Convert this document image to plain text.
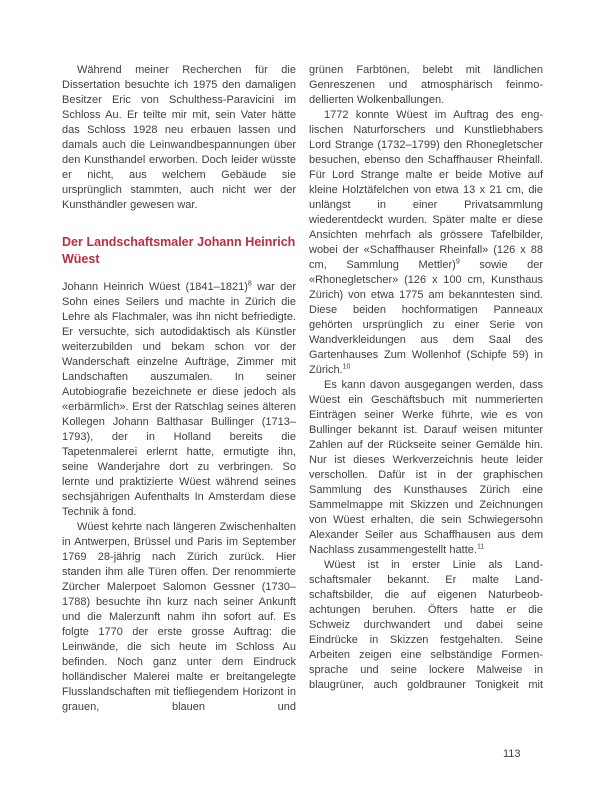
Während meiner Recherchen für die Dissertation besuchte ich 1975 den damaligen Besitzer Eric von Schulthess-Paravicini im Schloss Au. Er teilte mir mit, sein Vater hätte das Schloss 1928 neu erbauen lassen und damals auch die Leinwandbespannungen über den Kunsthandel erworben. Doch leider wüsste er nicht, aus welchem Gebäude sie ursprünglich stammten, auch nicht wer der Kunsthändler gewesen war.

Der Landschaftsmaler Johann Heinrich Wüest

Johann Heinrich Wüest (1841–1821)$^8$ war der Sohn eines Seilers und machte in Zürich die Lehre als Flachmaler, was ihn nicht befriedigte. Er versuchte, sich autodidaktisch als Künstler weiterzubilden und bekam schon vor der Wanderschaft einzelne Aufträge, Zimmer mit Landschaften auszumalen. In seiner Autobiografie bezeichnete er diese jedoch als «erbärmlich». Erst der Ratschlag seines älteren Kollegen Johann Balthasar Bullinger (1713–1793), der in Holland bereits die Tapetenmalerei erlernt hatte, ermutigte ihn, seine Wanderjahre dort zu verbringen. So lernte und praktizierte Wüest während seines sechsjährigen Aufenthalts In Amsterdam diese Technik à fond.

Wüest kehrte nach längeren Zwischenhalten in Antwerpen, Brüssel und Paris im September 1769 28-jährig nach Zürich zurück. Hier standen ihm alle Türen offen. Der renommierte Zürcher Malerpoet Salomon Gessner (1730–1788) besuchte ihn kurz nach seiner Ankunft und die Malerzunft nahm ihn sofort auf. Es folgte 1770 der erste grosse Auftrag: die Leinwände, die sich heute im Schloss Au befinden. Noch ganz unter dem Eindruck holländischer Malerei malte er breitangelegte Flusslandschaften mit tiefliegendem Horizont in grauen, blauen und

grünen Farbtönen, belebt mit ländlichen Genreszenen und atmosphärisch feinmodellierten Wolkenballungen.

1772 konnte Wüest im Auftrag des englischen Naturforschers und Kunstliebhabers Lord Strange (1732–1799) den Rhonegletscher besuchen, ebenso den Schaffhauser Rheinfall. Für Lord Strange malte er beide Motive auf kleine Holztäfelchen von etwa 13 x 21 cm, die unlängst in einer Privatsammlung wiederentdeckt wurden. Später malte er diese Ansichten mehrfach als grössere Tafelbilder, wobei der «Schaffhauser Rheinfall» (126 x 88 cm, Sammlung Mettler)$^9$ sowie der «Rhonegletscher» (126 x 100 cm, Kunsthaus Zürich) von etwa 1775 am bekanntesten sind. Diese beiden hochformatigen Panneaux gehörten ursprünglich zu einer Serie von Wandverkleidungen aus dem Saal des Gartenhauses Zum Wollenhof (Schipfe 59) in Zürich.$^{10}$

Es kann davon ausgegangen werden, dass Wüest ein Geschäftsbuch mit nummerierten Einträgen seiner Werke führte, wie es von Bullinger bekannt ist. Darauf weisen mitunter Zahlen auf der Rückseite seiner Gemälde hin. Nur ist dieses Werkverzeichnis heute leider verschollen. Dafür ist in der graphischen Sammlung des Kunsthauses Zürich eine Sammelmappe mit Skizzen und Zeichnungen von Wüest erhalten, die sein Schwiegersohn Alexander Seiler aus Schaffhausen aus dem Nachlass zusammengestellt hatte.$^{11}$

Wüest ist in erster Linie als Landschaftsmaler bekannt. Er malte Landschaftsbilder, die auf eigenen Naturbeobachtungen beruhen. Öfters hatte er die Schweiz durchwandert und dabei seine Eindrücke in Skizzen festgehalten. Seine Arbeiten zeigen eine selbständige Formensprache und seine lockere Malweise in blaugrüner, auch goldbrauner Tonigkeit mit

113
